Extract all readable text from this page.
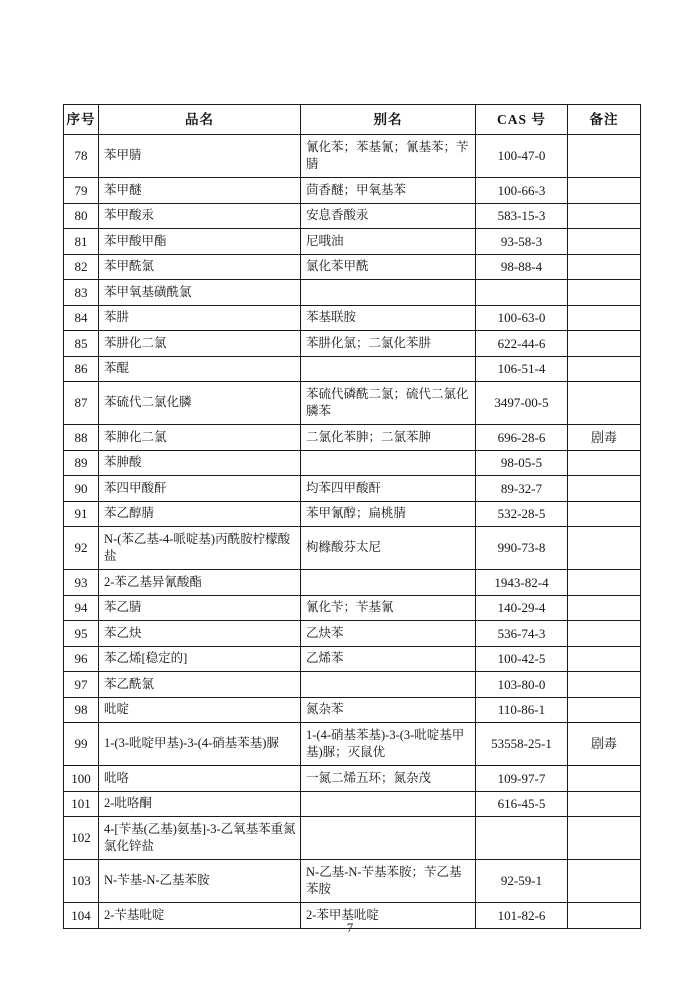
序号	品名	别名	CAS 号	备注
78	苯甲腈	氰化苯；苯基氰；氰基苯；苄腈	100-47-0	
79	苯甲醚	茴香醚；甲氧基苯	100-66-3	
80	苯甲酸汞	安息香酸汞	583-15-3	
81	苯甲酸甲酯	尼哦油	93-58-3	
82	苯甲酰氯	氯化苯甲酰	98-88-4	
83	苯甲氧基磺酰氯			
84	苯肼	苯基联胺	100-63-0	
85	苯肼化二氯	苯肼化氯；二氯化苯肼	622-44-6	
86	苯醌		106-51-4	
87	苯硫代二氯化膦	苯硫代磷酰二氯；硫代二氯化膦苯	3497-00-5	
88	苯胂化二氯	二氯化苯胂；二氯苯胂	696-28-6	剧毒
89	苯胂酸		98-05-5	
90	苯四甲酸酐	均苯四甲酸酐	89-32-7	
91	苯乙醇腈	苯甲氰醇；扁桃腈	532-28-5	
92	N-(苯乙基-4-哌啶基)丙酰胺柠檬酸盐	枸橼酸芬太尼	990-73-8	
93	2-苯乙基异氰酸酯		1943-82-4	
94	苯乙腈	氰化苄；苄基氰	140-29-4	
95	苯乙炔	乙炔苯	536-74-3	
96	苯乙烯[稳定的]	乙烯苯	100-42-5	
97	苯乙酰氯		103-80-0	
98	吡啶	氮杂苯	110-86-1	
99	1-(3-吡啶甲基)-3-(4-硝基苯基)脲	1-(4-硝基苯基)-3-(3-吡啶基甲基)脲；灭鼠优	53558-25-1	剧毒
100	吡咯	一氮二烯五环；氮杂茂	109-97-7	
101	2-吡咯酮		616-45-5	
102	4-[苄基(乙基)氨基]-3-乙氧基苯重氮氯化锌盐			
103	N-苄基-N-乙基苯胺	N-乙基-N-苄基苯胺；苄乙基苯胺	92-59-1	
104	2-苄基吡啶	2-苯甲基吡啶	101-82-6	
7
